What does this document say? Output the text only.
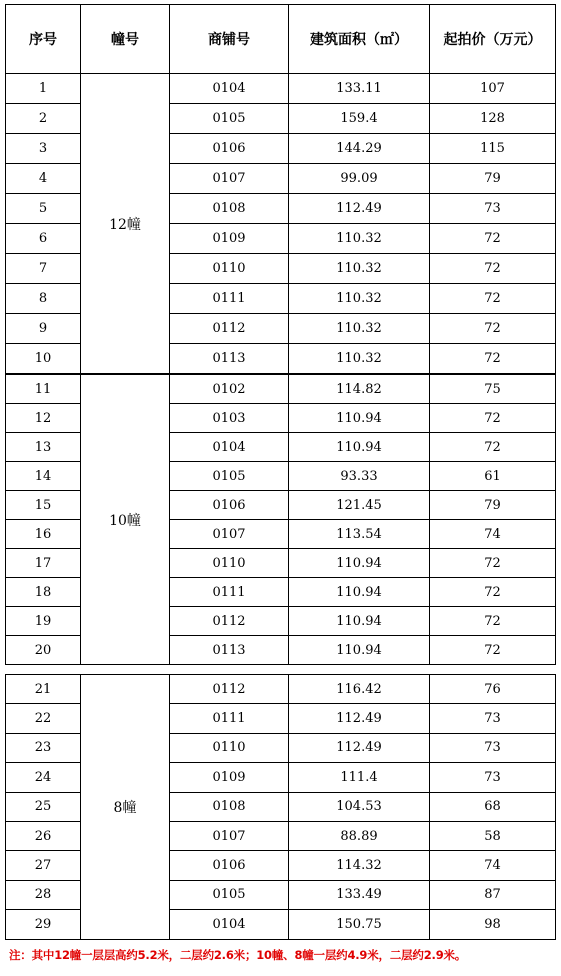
序号	幢号	商铺号	建筑面积（㎡）	起拍价（万元）
1	12幢	0104	133.11	107
2		0105	159.4	128
3		0106	144.29	115
4		0107	99.09	79
5		0108	112.49	73
6		0109	110.32	72
7		0110	110.32	72
8		0111	110.32	72
9		0112	110.32	72
10		0113	110.32	72
11	10幢	0102	114.82	75
12		0103	110.94	72
13		0104	110.94	72
14		0105	93.33	61
15		0106	121.45	79
16		0107	113.54	74
17		0110	110.94	72
18		0111	110.94	72
19		0112	110.94	72
20		0113	110.94	72
21	8幢	0112	116.42	76
22		0111	112.49	73
23		0110	112.49	73
24		0109	111.4	73
25		0108	104.53	68
26		0107	88.89	58
27		0106	114.32	74
28		0105	133.49	87
29		0104	150.75	98
注：其中12幢一层层高约5.2米，二层约2.6米；10幢、8幢一层约4.9米，二层约2.9米。
